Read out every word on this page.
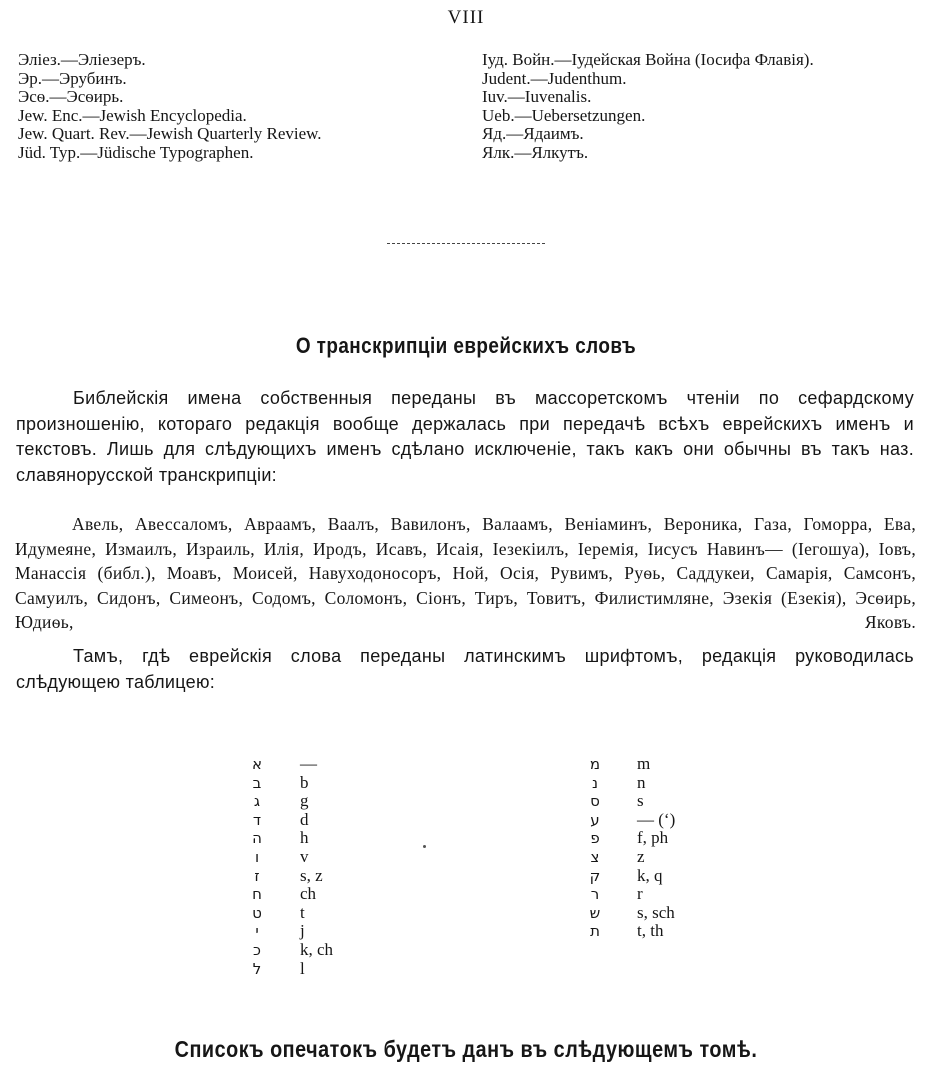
VIII
Эліез.—Эліезеръ.
Эр.—Эрубинъ.
Эсѳ.—Эсѳирь.
Jew. Enc.—Jewish Encyclopedia.
Jew. Quart. Rev.—Jewish Quarterly Review.
Jüd. Typ.—Jüdische Typographen.
Іуд. Войн.—Іудейская Война (Іосифа Флавія).
Judent.—Judenthum.
Iuv.—Iuvenalis.
Ueb.—Uebersetzungen.
Яд.—Ядаимъ.
Ялк.—Ялкутъ.
О транскрипціи еврейскихъ словъ
Библейскія имена собственныя переданы въ массоретскомъ чтеніи по сефардскому произношенію, котораго редакція вообще держалась при передачѣ всѣхъ еврейскихъ именъ и текстовъ. Лишь для слѣдующихъ именъ сдѣлано исключеніе, такъ какъ они обычны въ такъ наз. славянорусской транскрипціи:
Авель, Авессаломъ, Авраамъ, Ваалъ, Вавилонъ, Валаамъ, Веніаминъ, Вероника, Газа, Гоморра, Ева, Идумеяне, Измаилъ, Израиль, Илія, Иродъ, Исавъ, Исаія, Іезекіилъ, Іеремія, Іисусъ Навинъ— (Іегошуа), Іовъ, Манассія (библ.), Моавъ, Моисей, Навуходоносоръ, Ной, Осія, Рувимъ, Руѳь, Саддукеи, Самарія, Самсонъ, Самуилъ, Сидонъ, Симеонъ, Содомъ, Соломонъ, Сіонъ, Тиръ, Товитъ, Филистимляне, Эзекія (Езекія), Эсѳирь, Юдиѳь, Яковъ.
Тамъ, гдѣ еврейскія слова переданы латинскимъ шрифтомъ, редакція руководилась слѣдующею таблицею:
א —
ב	b
ג	g
ד	d
ה h
ו	v
ז	s, z
ח ch
ט	t
י	j
כ	k, ch
ל	l
מ m
נ	n
ס	s
ע	— (ʻ)
פ	f, ph
צ	z
ק k, q
ר	r
ש s, sch
ת t, th
Списокъ опечатокъ будетъ данъ въ слѣдующемъ томѣ.
